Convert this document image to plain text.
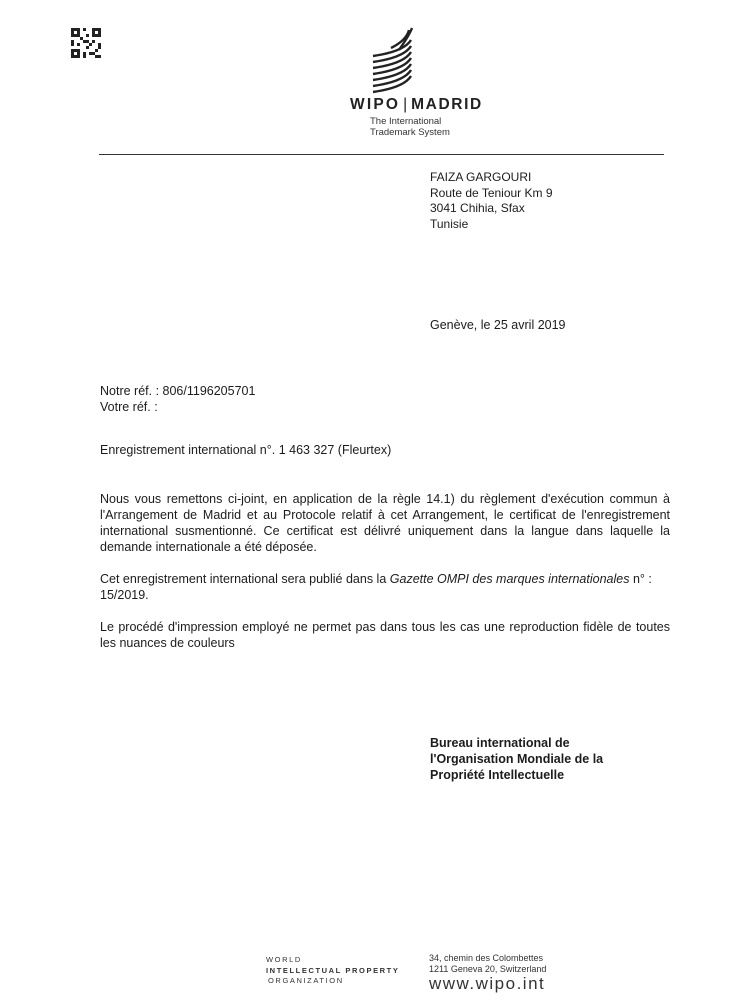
WIPO | MADRID
The International
Trademark System
FAIZA GARGOURI
Route de Teniour Km 9
3041 Chihia, Sfax
Tunisie
Genève, le 25 avril 2019
Notre réf. : 806/1196205701
Votre réf. :
Enregistrement international n°. 1 463 327 (Fleurtex)

Nous vous remettons ci-joint, en application de la règle 14.1) du règlement d'exécution commun à l'Arrangement de Madrid et au Protocole relatif à cet Arrangement, le certificat de l'enregistrement international susmentionné. Ce certificat est délivré uniquement dans la langue dans laquelle la demande internationale a été déposée.

Cet enregistrement international sera publié dans la Gazette OMPI des marques internationales n° : 15/2019.

Le procédé d'impression employé ne permet pas dans tous les cas une reproduction fidèle de toutes les nuances de couleurs

Bureau international de
l'Organisation Mondiale de la
Propriété Intellectuelle
WORLD
INTELLECTUAL PROPERTY
ORGANIZATION
34, chemin des Colombettes
1211 Geneva 20, Switzerland
www.wipo.int
